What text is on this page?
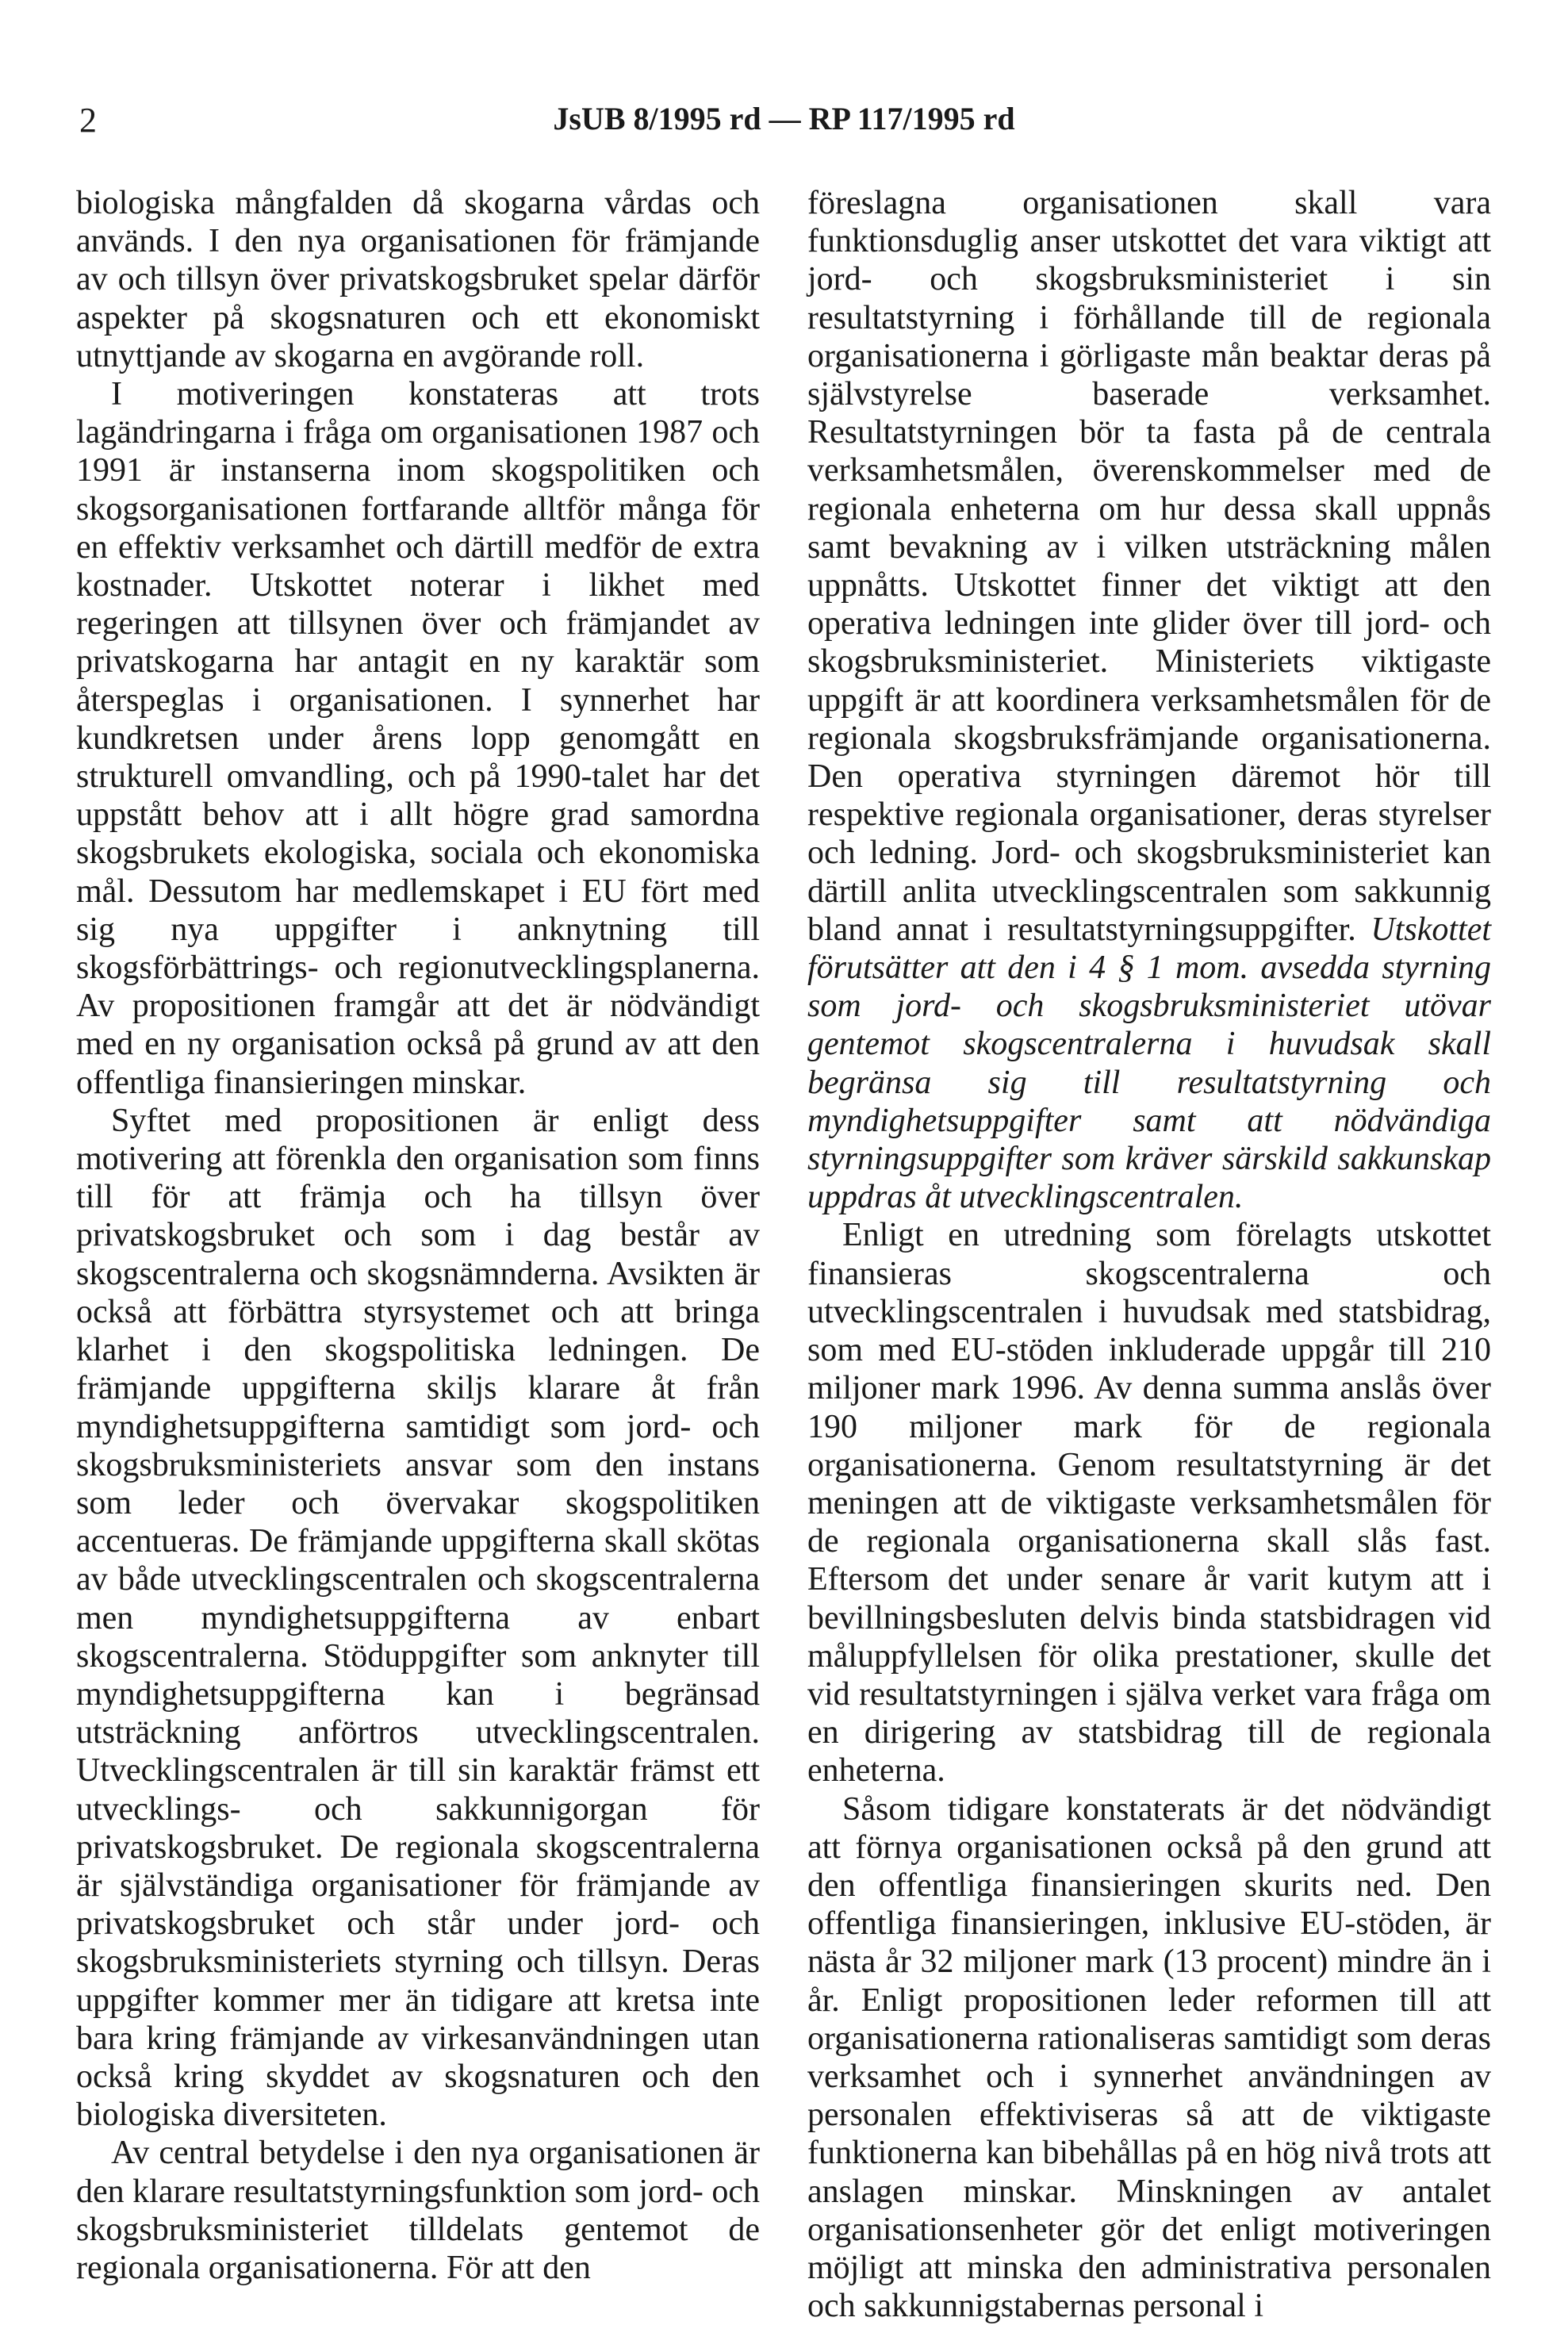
2	JsUB 8/1995 rd — RP 117/1995 rd

biologiska mångfalden då skogarna vårdas och används. I den nya organisationen för främjande av och tillsyn över privatskogsbruket spelar därför aspekter på skogsnaturen och ett ekonomiskt utnyttjande av skogarna en avgörande roll.

I motiveringen konstateras att trots lagändringarna i fråga om organisationen 1987 och 1991 är instanserna inom skogspolitiken och skogsorganisationen fortfarande alltför många för en effektiv verksamhet och därtill medför de extra kostnader. Utskottet noterar i likhet med regeringen att tillsynen över och främjandet av privatskogarna har antagit en ny karaktär som återspeglas i organisationen. I synnerhet har kundkretsen under årens lopp genomgått en strukturell omvandling, och på 1990-talet har det uppstått behov att i allt högre grad samordna skogsbrukets ekologiska, sociala och ekonomiska mål. Dessutom har medlemskapet i EU fört med sig nya uppgifter i anknytning till skogsförbättrings- och regionutvecklingsplanerna. Av propositionen framgår att det är nödvändigt med en ny organisation också på grund av att den offentliga finansieringen minskar.

Syftet med propositionen är enligt dess motivering att förenkla den organisation som finns till för att främja och ha tillsyn över privatskogsbruket och som i dag består av skogscentralerna och skogsnämnderna. Avsikten är också att förbättra styrsystemet och att bringa klarhet i den skogspolitiska ledningen. De främjande uppgifterna skiljs klarare åt från myndighetsuppgifterna samtidigt som jord- och skogsbruksministeriets ansvar som den instans som leder och övervakar skogspolitiken accentueras. De främjande uppgifterna skall skötas av både utvecklingscentralen och skogscentralerna men myndighetsuppgifterna av enbart skogscentralerna. Stöduppgifter som anknyter till myndighetsuppgifterna kan i begränsad utsträckning anförtros utvecklingscentralen. Utvecklingscentralen är till sin karaktär främst ett utvecklings- och sakkunnigorgan för privatskogsbruket. De regionala skogscentralerna är självständiga organisationer för främjande av privatskogsbruket och står under jord- och skogsbruksministeriets styrning och tillsyn. Deras uppgifter kommer mer än tidigare att kretsa inte bara kring främjande av virkesanvändningen utan också kring skyddet av skogsnaturen och den biologiska diversiteten.

Av central betydelse i den nya organisationen är den klarare resultatstyrningsfunktion som jord- och skogsbruksministeriet tilldelats gentemot de regionala organisationerna. För att den

föreslagna organisationen skall vara funktionsduglig anser utskottet det vara viktigt att jord- och skogsbruksministeriet i sin resultatstyrning i förhållande till de regionala organisationerna i görligaste mån beaktar deras på självstyrelse baserade verksamhet. Resultatstyrningen bör ta fasta på de centrala verksamhetsmålen, överenskommelser med de regionala enheterna om hur dessa skall uppnås samt bevakning av i vilken utsträckning målen uppnåtts. Utskottet finner det viktigt att den operativa ledningen inte glider över till jord- och skogsbruksministeriet. Ministeriets viktigaste uppgift är att koordinera verksamhetsmålen för de regionala skogsbruksfrämjande organisationerna. Den operativa styrningen däremot hör till respektive regionala organisationer, deras styrelser och ledning. Jord- och skogsbruksministeriet kan därtill anlita utvecklingscentralen som sakkunnig bland annat i resultatstyrningsuppgifter. Utskottet förutsätter att den i 4 § 1 mom. avsedda styrning som jord- och skogsbruksministeriet utövar gentemot skogscentralerna i huvudsak skall begränsa sig till resultatstyrning och myndighetsuppgifter samt att nödvändiga styrningsuppgifter som kräver särskild sakkunskap uppdras åt utvecklingscentralen.

Enligt en utredning som förelagts utskottet finansieras skogscentralerna och utvecklingscentralen i huvudsak med statsbidrag, som med EU-stöden inkluderade uppgår till 210 miljoner mark 1996. Av denna summa anslås över 190 miljoner mark för de regionala organisationerna. Genom resultatstyrning är det meningen att de viktigaste verksamhetsmålen för de regionala organisationerna skall slås fast. Eftersom det under senare år varit kutym att i bevillningsbesluten delvis binda statsbidragen vid måluppfyllelsen för olika prestationer, skulle det vid resultatstyrningen i själva verket vara fråga om en dirigering av statsbidrag till de regionala enheterna.

Såsom tidigare konstaterats är det nödvändigt att förnya organisationen också på den grund att den offentliga finansieringen skurits ned. Den offentliga finansieringen, inklusive EU-stöden, är nästa år 32 miljoner mark (13 procent) mindre än i år. Enligt propositionen leder reformen till att organisationerna rationaliseras samtidigt som deras verksamhet och i synnerhet användningen av personalen effektiviseras så att de viktigaste funktionerna kan bibehållas på en hög nivå trots att anslagen minskar. Minskningen av antalet organisationsenheter gör det enligt motiveringen möjligt att minska den administrativa personalen och sakkunnigstabernas personal i
